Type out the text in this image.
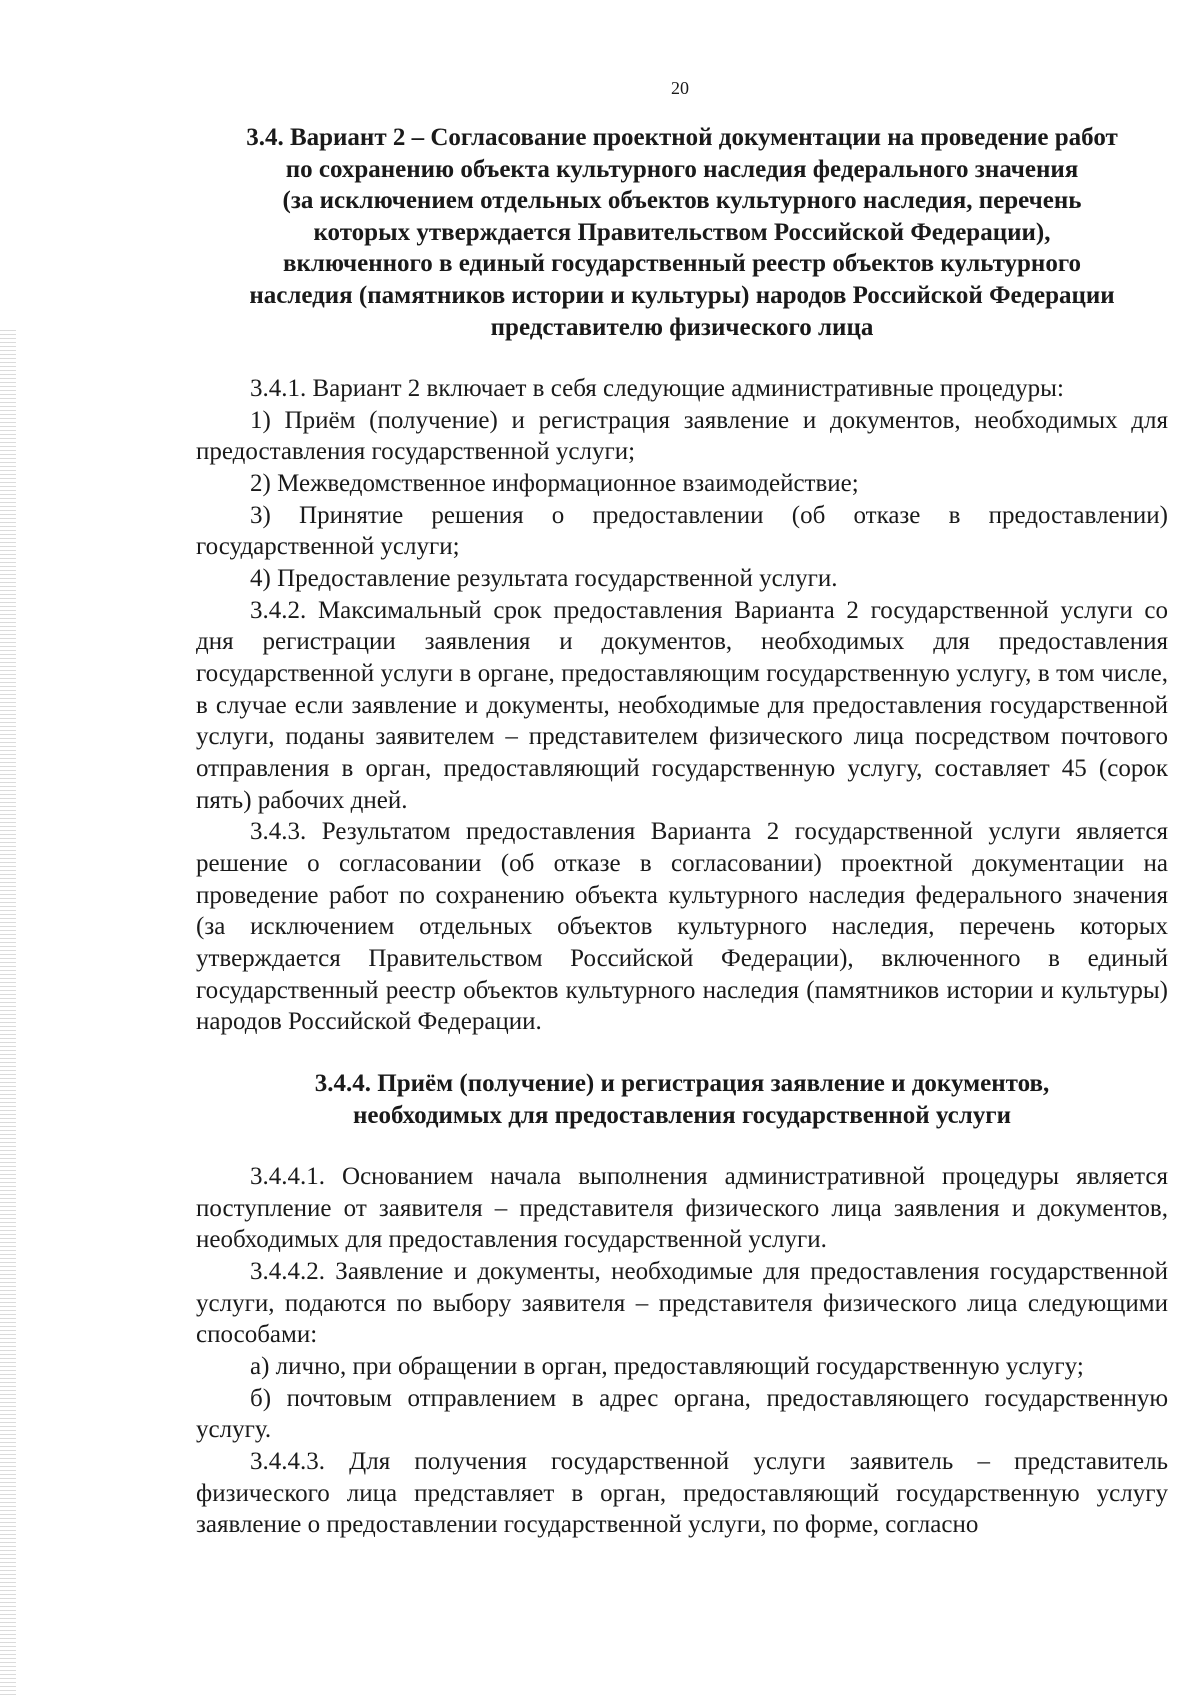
20
3.4. Вариант 2 – Согласование проектной документации на проведение работ
по сохранению объекта культурного наследия федерального значения
(за исключением отдельных объектов культурного наследия, перечень
которых утверждается Правительством Российской Федерации),
включенного в единый государственный реестр объектов культурного
наследия (памятников истории и культуры) народов Российской Федерации
представителю физического лица

3.4.1. Вариант 2 включает в себя следующие административные процедуры:

1) Приём (получение) и регистрация заявление и документов, необходимых для предоставления государственной услуги;

2) Межведомственное информационное взаимодействие;

3) Принятие решения о предоставлении (об отказе в предоставлении) государственной услуги;

4) Предоставление результата государственной услуги.

3.4.2. Максимальный срок предоставления Варианта 2 государственной услуги со дня регистрации заявления и документов, необходимых для предоставления государственной услуги в органе, предоставляющим государственную услугу, в том числе, в случае если заявление и документы, необходимые для предоставления государственной услуги, поданы заявителем – представителем физического лица посредством почтового отправления в орган, предоставляющий государственную услугу, составляет 45 (сорок пять) рабочих дней.

3.4.3. Результатом предоставления Варианта 2 государственной услуги является решение о согласовании (об отказе в согласовании) проектной документации на проведение работ по сохранению объекта культурного наследия федерального значения (за исключением отдельных объектов культурного наследия, перечень которых утверждается Правительством Российской Федерации), включенного в единый государственный реестр объектов культурного наследия (памятников истории и культуры) народов Российской Федерации.

3.4.4. Приём (получение) и регистрация заявление и документов,
необходимых для предоставления государственной услуги

3.4.4.1. Основанием начала выполнения административной процедуры является поступление от заявителя – представителя физического лица заявления и документов, необходимых для предоставления государственной услуги.

3.4.4.2. Заявление и документы, необходимые для предоставления государственной услуги, подаются по выбору заявителя – представителя физического лица следующими способами:

а) лично, при обращении в орган, предоставляющий государственную услугу;

б) почтовым отправлением в адрес органа, предоставляющего государственную услугу.

3.4.4.3. Для получения государственной услуги заявитель – представитель физического лица представляет в орган, предоставляющий государственную услугу заявление о предоставлении государственной услуги, по форме, согласно
